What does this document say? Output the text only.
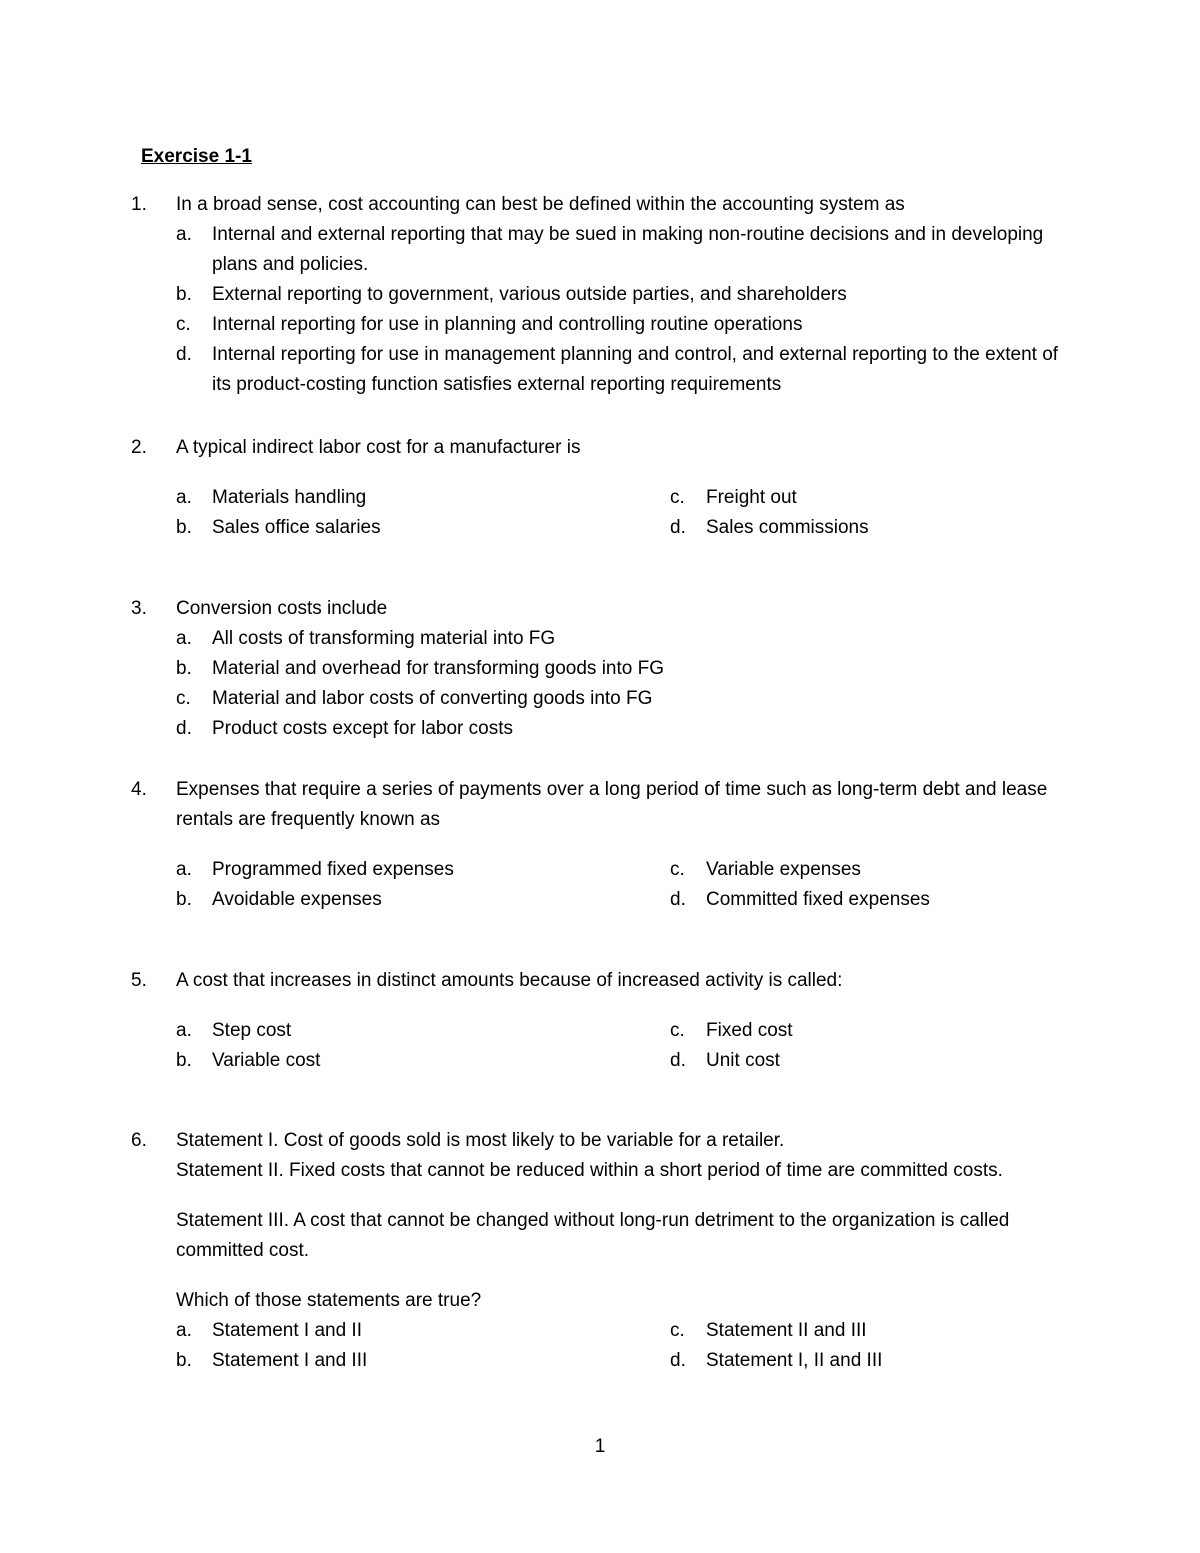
Exercise 1-1
1.	In a broad sense, cost accounting can best be defined within the accounting system as
a.	Internal and external reporting that may be sued in making non-routine decisions and in developing plans and policies.
b.	External reporting to government, various outside parties, and shareholders
c.	Internal reporting for use in planning and controlling routine operations
d.	Internal reporting for use in management planning and control, and external reporting to the extent of its product-costing function satisfies external reporting requirements
2.	A typical indirect labor cost for a manufacturer is
a.	Materials handling	c.	Freight out
b.	Sales office salaries	d.	Sales commissions
3.	Conversion costs include
a.	All costs of transforming material into FG
b.	Material and overhead for transforming goods into FG
c.	Material and labor costs of converting goods into FG
d.	Product costs except for labor costs
4.	Expenses that require a series of payments over a long period of time such as long-term debt and lease rentals are frequently known as
a.	Programmed fixed expenses	c.	Variable expenses
b.	Avoidable expenses	d.	Committed fixed expenses
5.	A cost that increases in distinct amounts because of increased activity is called:
a.	Step cost	c.	Fixed cost
b.	Variable cost	d.	Unit cost
6.	Statement I. Cost of goods sold is most likely to be variable for a retailer.
Statement II. Fixed costs that cannot be reduced within a short period of time are committed costs.
Statement III. A cost that cannot be changed without long-run detriment to the organization is called committed cost.
Which of those statements are true?
a.	Statement I and II	c.	Statement II and III
b.	Statement I and III	d.	Statement I, II and III
1
